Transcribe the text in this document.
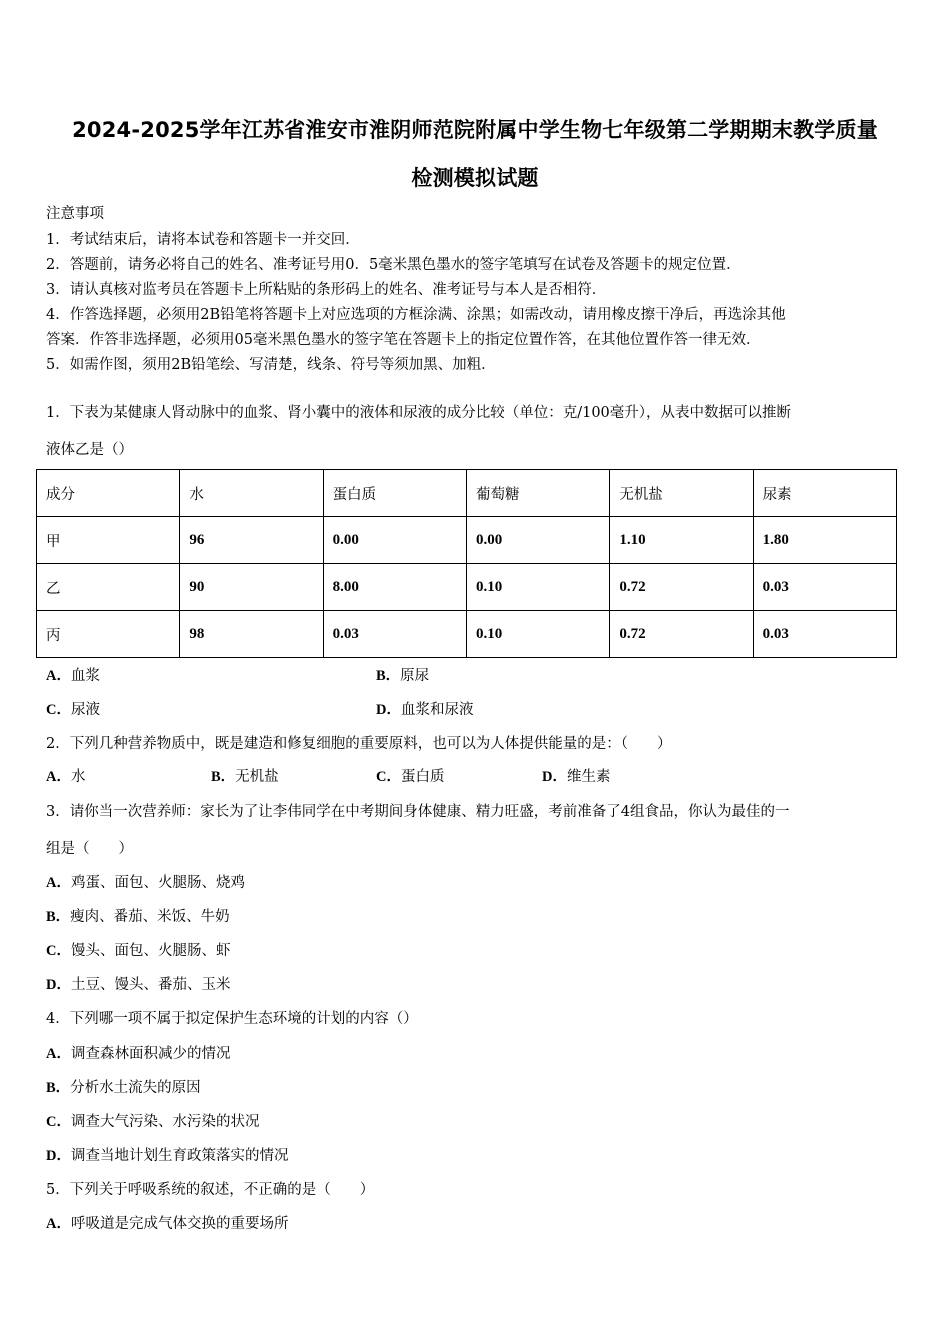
2024-2025学年江苏省淮安市淮阴师范院附属中学生物七年级第二学期期末教学质量
检测模拟试题
注意事项
1．考试结束后，请将本试卷和答题卡一并交回．
2．答题前，请务必将自己的姓名、准考证号用0．5毫米黑色墨水的签字笔填写在试卷及答题卡的规定位置．
3．请认真核对监考员在答题卡上所粘贴的条形码上的姓名、准考证号与本人是否相符．
4．作答选择题，必须用2B铅笔将答题卡上对应选项的方框涂满、涂黑；如需改动，请用橡皮擦干净后，再选涂其他
答案．作答非选择题，必须用05毫米黑色墨水的签字笔在答题卡上的指定位置作答，在其他位置作答一律无效．
5．如需作图，须用2B铅笔绘、写清楚，线条、符号等须加黑、加粗．
1．下表为某健康人肾动脉中的血浆、肾小囊中的液体和尿液的成分比较（单位：克/100毫升），从表中数据可以推断
液体乙是（）
成分	水	蛋白质	葡萄糖	无机盐	尿素
甲	96	0.00	0.00	1.10	1.80
乙	90	8.00	0.10	0.72	0.03
丙	98	0.03	0.10	0.72	0.03
A．血浆	B．原尿
C．尿液	D．血浆和尿液
2．下列几种营养物质中，既是建造和修复细胞的重要原料，也可以为人体提供能量的是：（　　）
A．水	B．无机盐	C．蛋白质	D．维生素
3．请你当一次营养师：家长为了让李伟同学在中考期间身体健康、精力旺盛，考前准备了4组食品，你认为最佳的一
组是（　　）
A．鸡蛋、面包、火腿肠、烧鸡
B．瘦肉、番茄、米饭、牛奶
C．馒头、面包、火腿肠、虾
D．土豆、馒头、番茄、玉米
4．下列哪一项不属于拟定保护生态环境的计划的内容（）
A．调查森林面积减少的情况
B．分析水土流失的原因
C．调查大气污染、水污染的状况
D．调查当地计划生育政策落实的情况
5．下列关于呼吸系统的叙述，不正确的是（　　）
A．呼吸道是完成气体交换的重要场所
